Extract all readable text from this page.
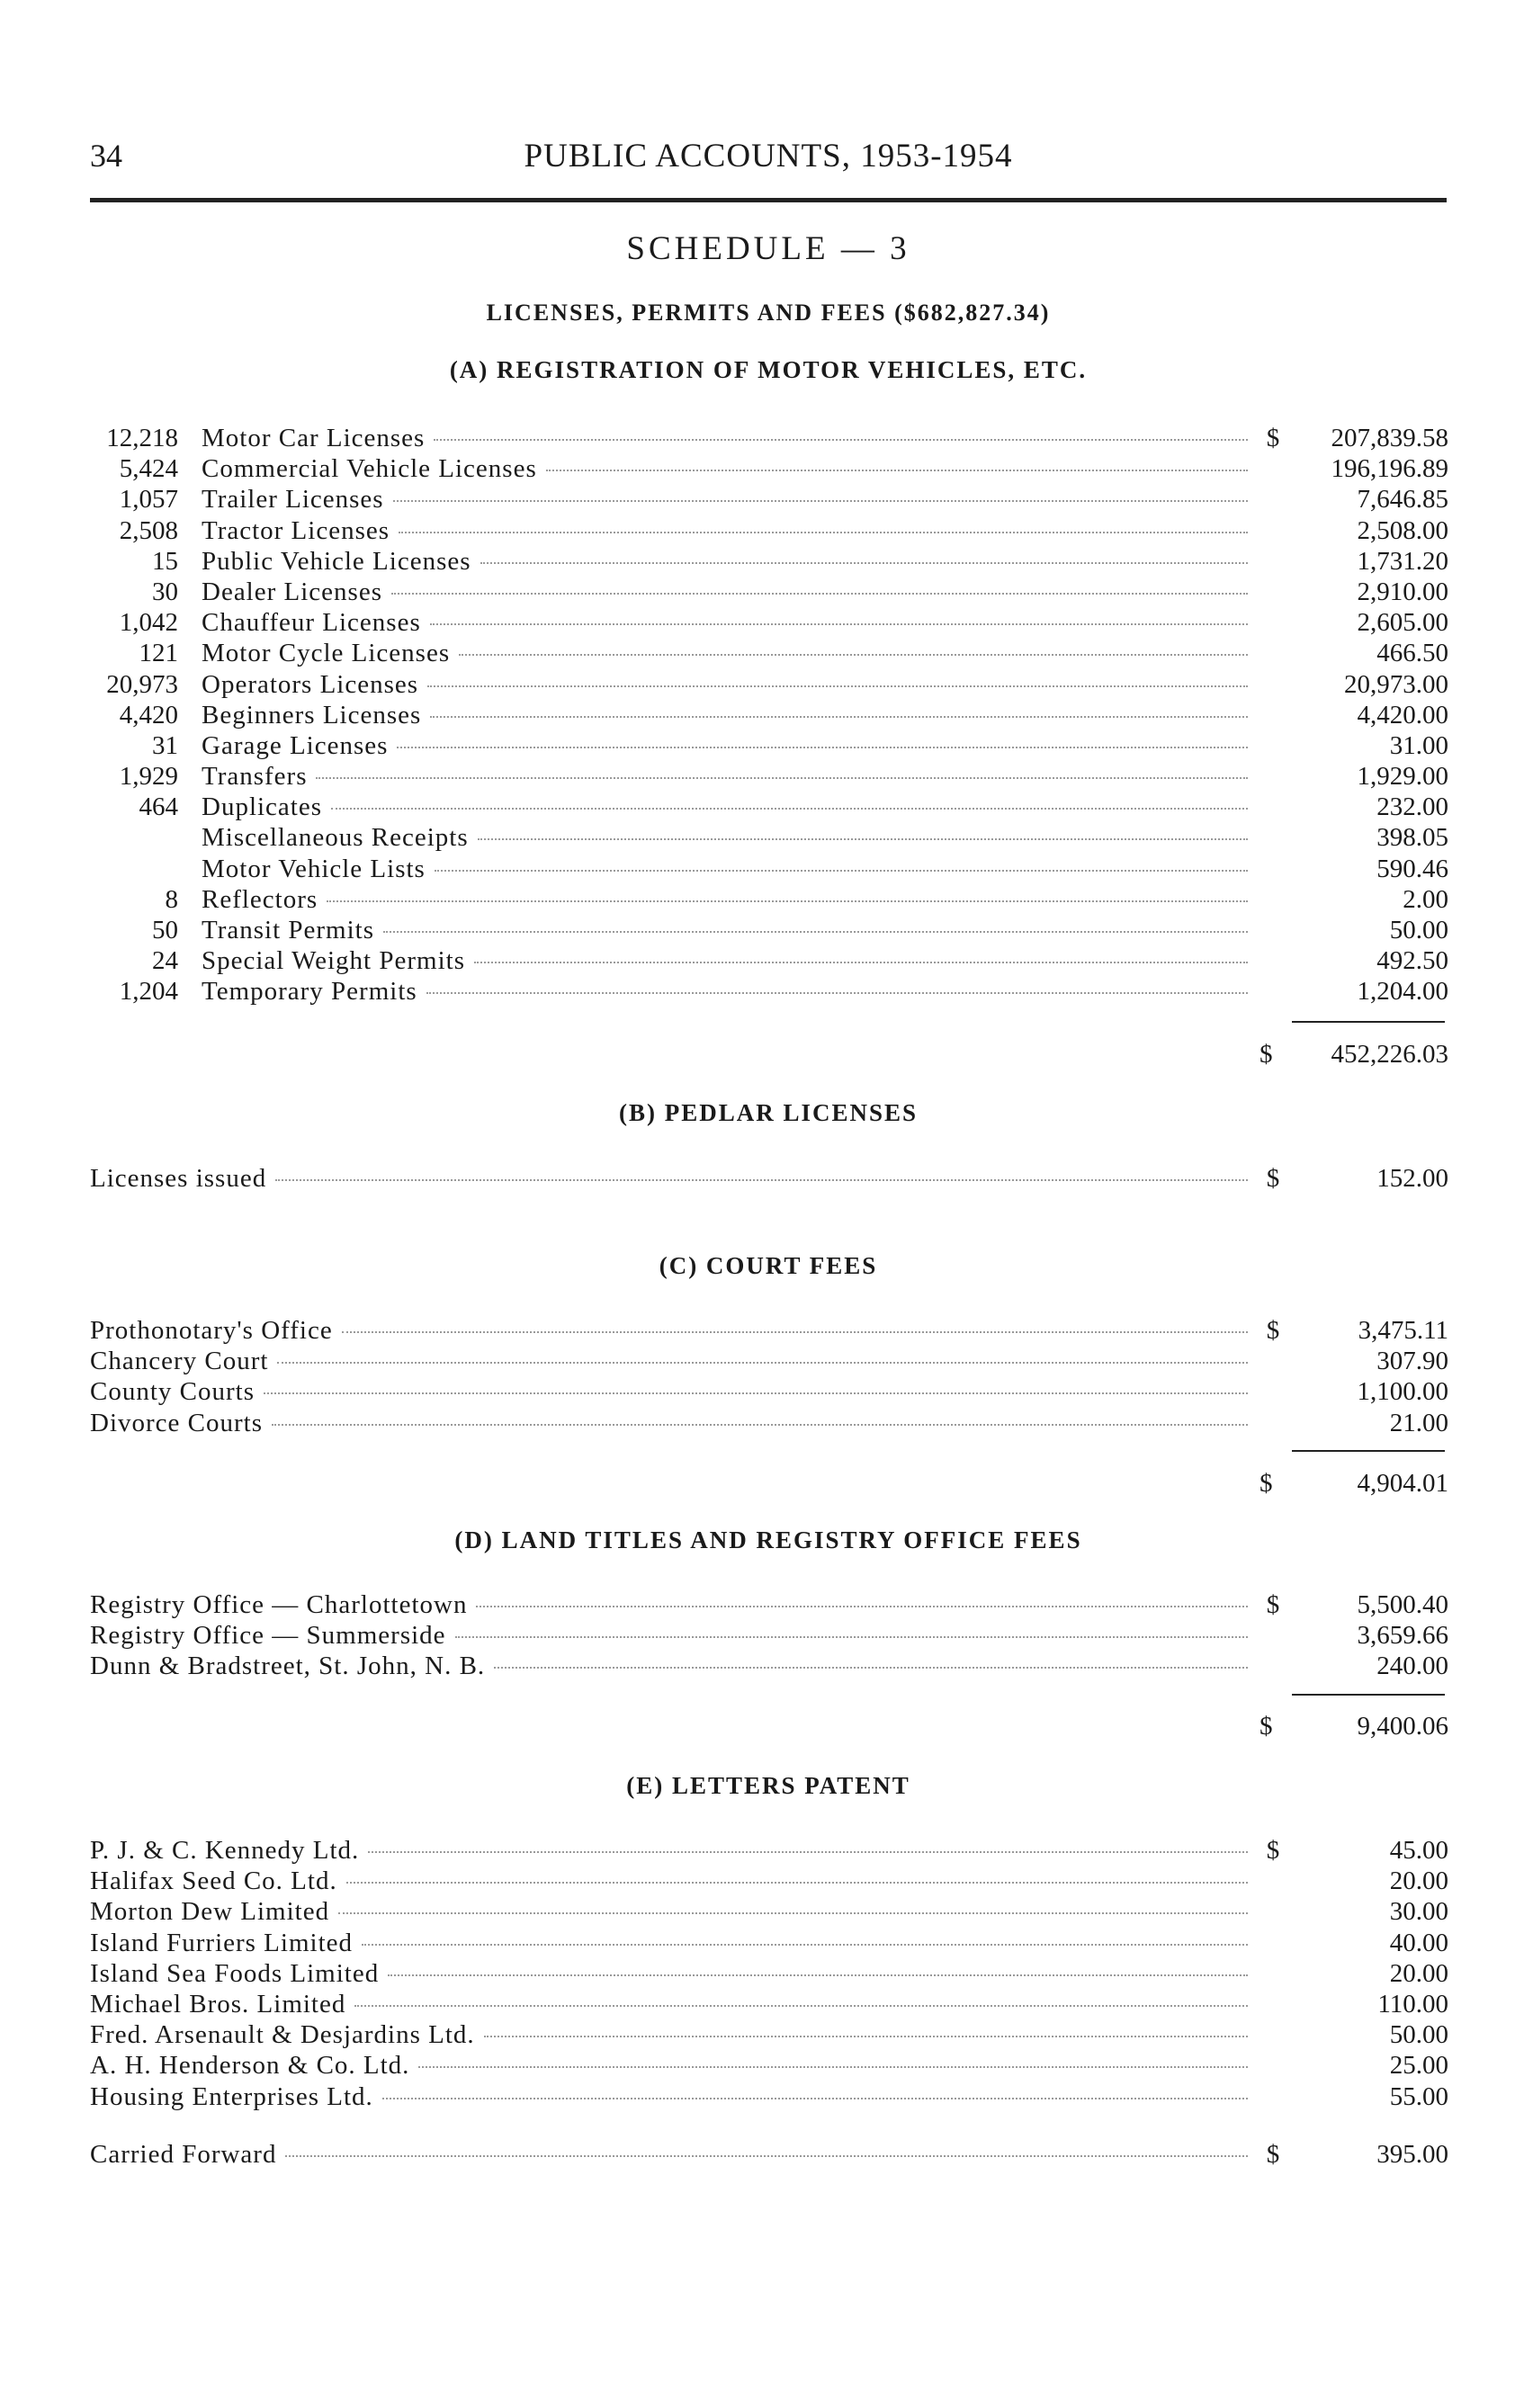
34	PUBLIC ACCOUNTS, 1953-1954
SCHEDULE — 3
LICENSES, PERMITS AND FEES ($682,827.34)
(A) REGISTRATION OF MOTOR VEHICLES, ETC.
12,218 Motor Car Licenses	$	207,839.58
5,424 Commercial Vehicle Licenses	196,196.89
1,057 Trailer Licenses	7,646.85
2,508 Tractor Licenses	2,508.00
15 Public Vehicle Licenses	1,731.20
30 Dealer Licenses	2,910.00
1,042 Chauffeur Licenses	2,605.00
121 Motor Cycle Licenses	466.50
20,973 Operators Licenses	20,973.00
4,420 Beginners Licenses	4,420.00
31 Garage Licenses	31.00
1,929 Transfers	1,929.00
464 Duplicates	232.00
Miscellaneous Receipts	398.05
Motor Vehicle Lists	590.46
8 Reflectors	2.00
50 Transit Permits	50.00
24 Special Weight Permits	492.50
1,204 Temporary Permits	1,204.00
$	452,226.03
(B) PEDLAR LICENSES
Licenses issued	$	152.00
(C) COURT FEES
Prothonotary's Office	$	3,475.11
Chancery Court	307.90
County Courts	1,100.00
Divorce Courts	21.00
$	4,904.01
(D) LAND TITLES AND REGISTRY OFFICE FEES
Registry Office — Charlottetown	$	5,500.40
Registry Office — Summerside	3,659.66
Dunn & Bradstreet, St. John, N. B.	240.00
$	9,400.06
(E) LETTERS PATENT
P. J. & C. Kennedy Ltd.	$	45.00
Halifax Seed Co. Ltd.	20.00
Morton Dew Limited	30.00
Island Furriers Limited	40.00
Island Sea Foods Limited	20.00
Michael Bros. Limited	110.00
Fred. Arsenault & Desjardins Ltd.	50.00
A. H. Henderson & Co. Ltd.	25.00
Housing Enterprises Ltd.	55.00
Carried Forward	$	395.00
